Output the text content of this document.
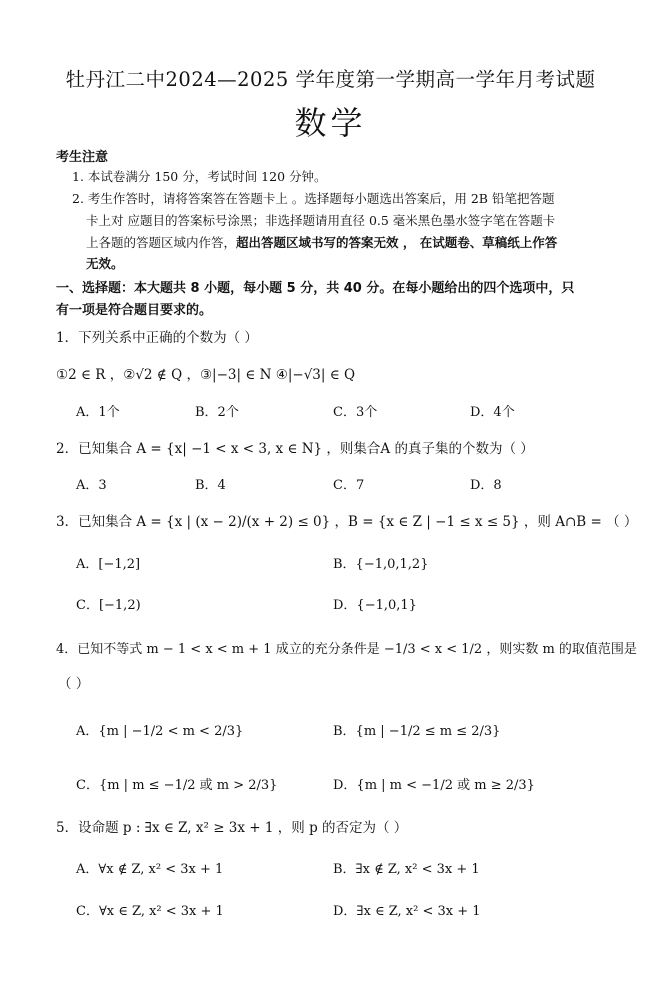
牡丹江二中2024—2025 学年度第一学期高一学年月考试题
数学
考生注意
1. 本试卷满分 150 分，考试时间 120 分钟。
2. 考生作答时，请将答案答在答题卡上 。选择题每小题选出答案后，用 2B 铅笔把答题
卡上对 应题目的答案标号涂黑；非选择题请用直径 0.5 毫米黑色墨水签字笔在答题卡
上各题的答题区域内作答，超出答题区域书写的答案无效 ， 在试题卷、草稿纸上作答
无效。
一、选择题：本大题共 8 小题，每小题 5 分，共 40 分。在每小题给出的四个选项中，只
有一项是符合题目要求的。
1．下列关系中正确的个数为（ ）
①2 ∈ R ，②√2 ∉ Q ，③|−3| ∈ N ④|−√3| ∈ Q
A．1个	B．2个	C．3个	D．4个
2．已知集合 A = {x| −1 < x < 3, x ∈ N} ，则集合A 的真子集的个数为（ ）
A．3	B．4	C．7	D．8
3．已知集合 A = {x | (x − 2)/(x + 2) ≤ 0} ，B = {x ∈ Z | −1 ≤ x ≤ 5} ，则 A∩B = （ ）
A．[−1,2]	B．{−1,0,1,2}
C．[−1,2)	D．{−1,0,1}
4．已知不等式 m − 1 < x < m + 1 成立的充分条件是 −1/3 < x < 1/2 ，则实数 m 的取值范围是
（ ）
A．{m | −1/2 < m < 2/3}	B．{m | −1/2 ≤ m ≤ 2/3}
C．{m | m ≤ −1/2 或 m > 2/3}	D．{m | m < −1/2 或 m ≥ 2/3}
5．设命题 p : ∃x ∈ Z, x² ≥ 3x + 1 ，则 p 的否定为（ ）
A．∀x ∉ Z, x² < 3x + 1	B．∃x ∉ Z, x² < 3x + 1
C．∀x ∈ Z, x² < 3x + 1	D．∃x ∈ Z, x² < 3x + 1
